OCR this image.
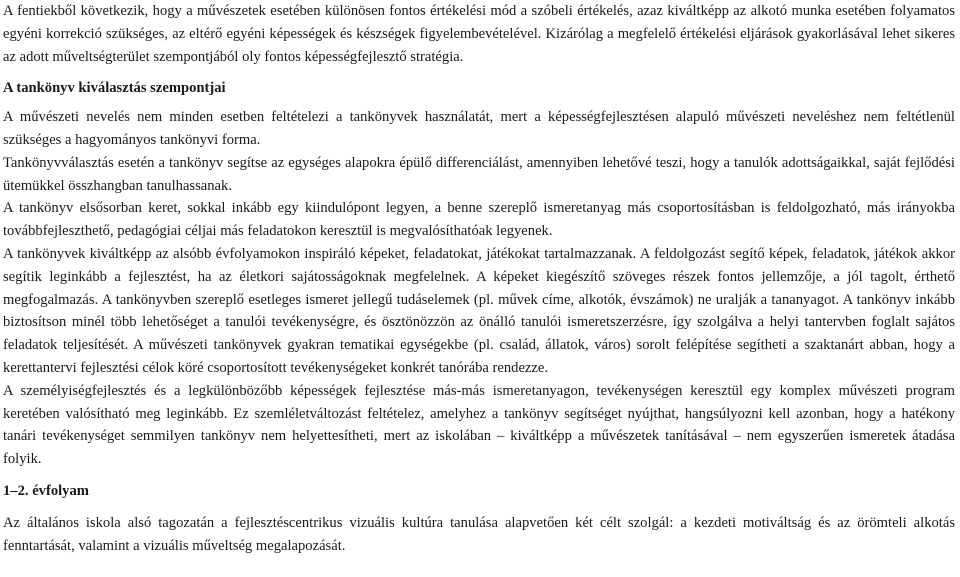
A fentiekből következik, hogy a művészetek esetében különösen fontos értékelési mód a szóbeli értékelés, azaz kiváltképp az alkotó munka esetében folyamatos egyéni korrekció szükséges, az eltérő egyéni képességek és készségek figyelembevételével. Kizárólag a megfelelő értékelési eljárások gyakorlásával lehet sikeres az adott műveltségterület szempontjából oly fontos képességfejlesztő stratégia.

A tankönyv kiválasztás szempontjai

A művészeti nevelés nem minden esetben feltételezi a tankönyvek használatát, mert a képességfejlesztésen alapuló művészeti neveléshez nem feltétlenül szükséges a hagyományos tankönyvi forma.

Tankönyvválasztás esetén a tankönyv segítse az egységes alapokra épülő differenciálást, amennyiben lehetővé teszi, hogy a tanulók adottságaikkal, saját fejlődési ütemükkel összhangban tanulhassanak.

A tankönyv elsősorban keret, sokkal inkább egy kiindulópont legyen, a benne szereplő ismeretanyag más csoportosításban is feldolgozható, más irányokba továbbfejleszthető, pedagógiai céljai más feladatokon keresztül is megvalósíthatóak legyenek.

A tankönyvek kiváltképp az alsóbb évfolyamokon inspiráló képeket, feladatokat, játékokat tartalmazzanak. A feldolgozást segítő képek, feladatok, játékok akkor segítik leginkább a fejlesztést, ha az életkori sajátosságoknak megfelelnek. A képeket kiegészítő szöveges részek fontos jellemzője, a jól tagolt, érthető megfogalmazás. A tankönyvben szereplő esetleges ismeret jellegű tudáselemek (pl. művek címe, alkotók, évszámok) ne uralják a tananyagot. A tankönyv inkább biztosítson minél több lehetőséget a tanulói tevékenységre, és ösztönözzön az önálló tanulói ismeretszerzésre, így szolgálva a helyi tantervben foglalt sajátos feladatok teljesítését. A művészeti tankönyvek gyakran tematikai egységekbe (pl. család, állatok, város) sorolt felépítése segítheti a szaktanárt abban, hogy a kerettantervi fejlesztési célok köré csoportosított tevékenységeket konkrét tanórába rendezze.

A személyiségfejlesztés és a legkülönbözőbb képességek fejlesztése más-más ismeretanyagon, tevékenységen keresztül egy komplex művészeti program keretében valósítható meg leginkább. Ez szemléletváltozást feltételez, amelyhez a tankönyv segítséget nyújthat, hangsúlyozni kell azonban, hogy a hatékony tanári tevékenységet semmilyen tankönyv nem helyettesítheti, mert az iskolában – kiváltképp a művészetek tanításával – nem egyszerűen ismeretek átadása folyik.

1–2. évfolyam

Az általános iskola alsó tagozatán a fejlesztéscentrikus vizuális kultúra tanulása alapvetően két célt szolgál: a kezdeti motiváltság és az örömteli alkotás fenntartását, valamint a vizuális műveltség megalapozását.
